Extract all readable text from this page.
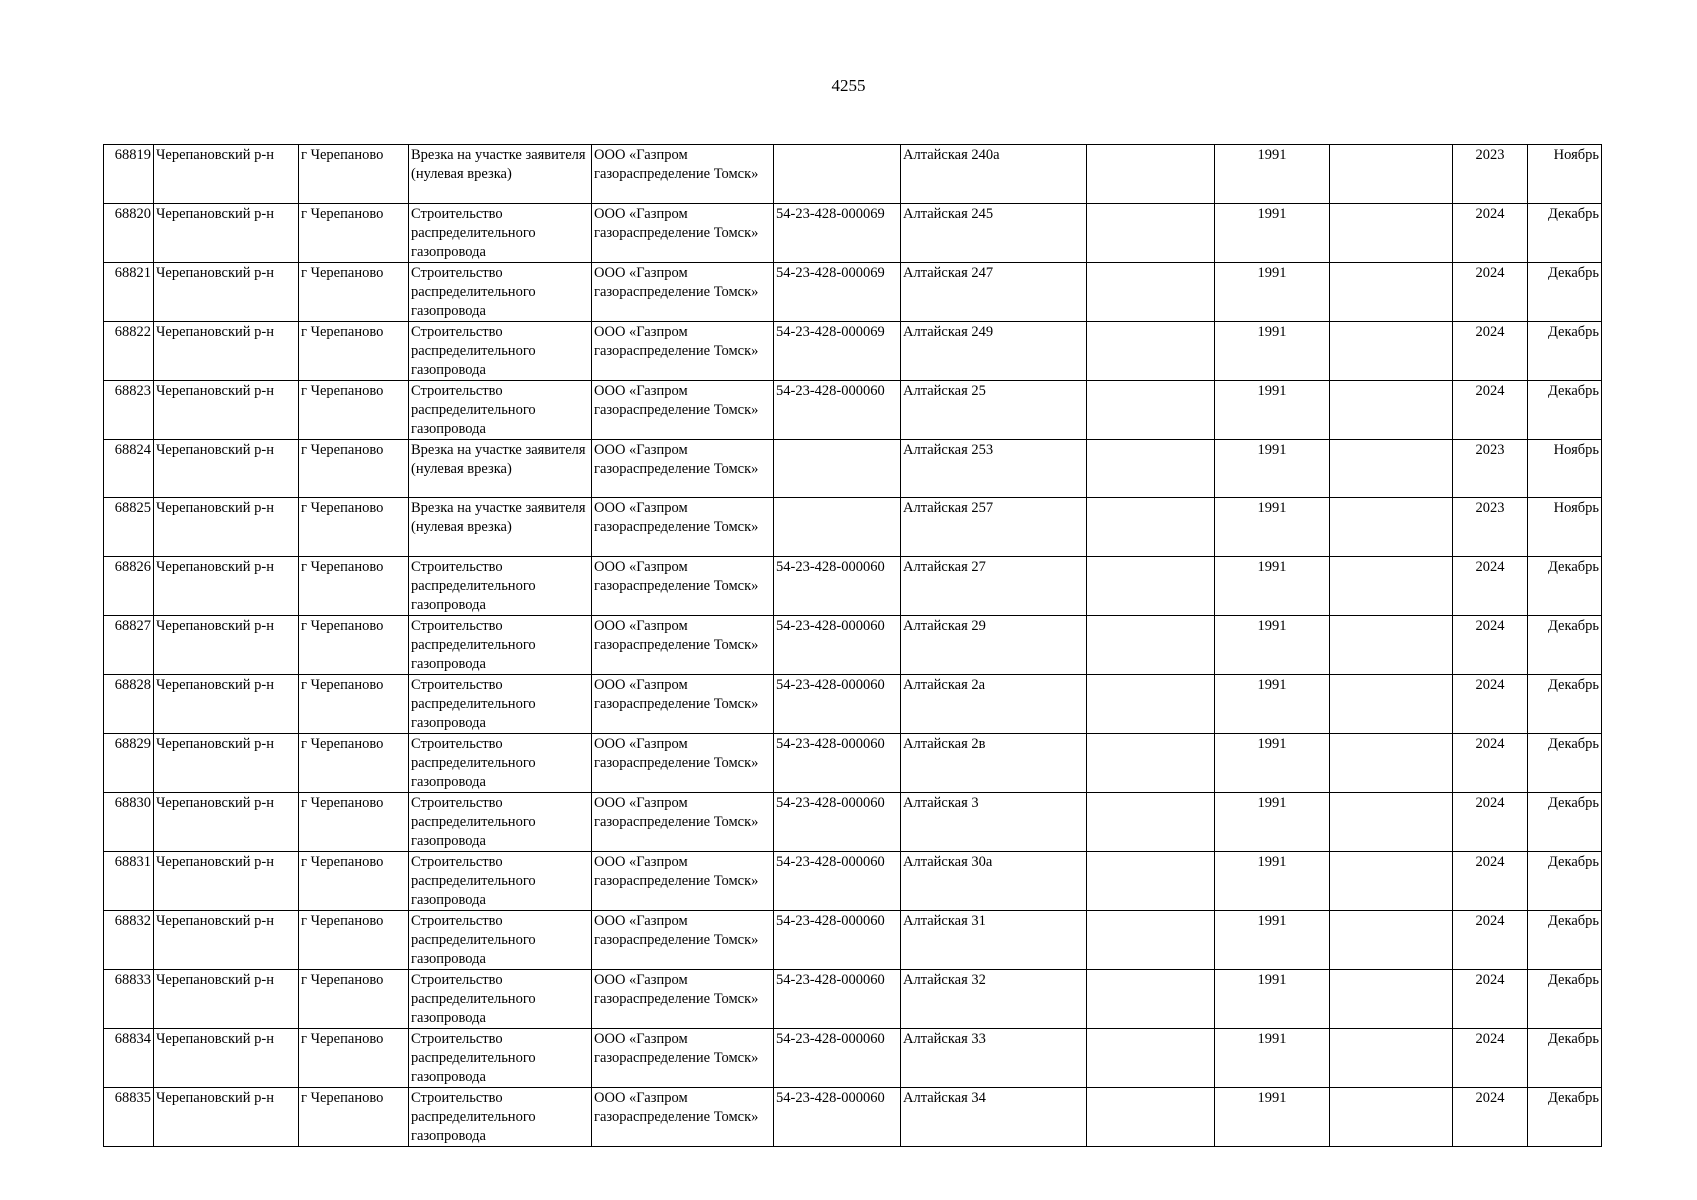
4255
68819	Черепановский р-н	г Черепаново	Врезка на участке заявителя (нулевая врезка)	ООО «Газпром газораспределение Томск»		Алтайская 240а		1991		2023	Ноябрь
68820	Черепановский р-н	г Черепаново	Строительство распределительного газопровода	ООО «Газпром газораспределение Томск»	54-23-428-000069	Алтайская 245		1991		2024	Декабрь
68821	Черепановский р-н	г Черепаново	Строительство распределительного газопровода	ООО «Газпром газораспределение Томск»	54-23-428-000069	Алтайская 247		1991		2024	Декабрь
68822	Черепановский р-н	г Черепаново	Строительство распределительного газопровода	ООО «Газпром газораспределение Томск»	54-23-428-000069	Алтайская 249		1991		2024	Декабрь
68823	Черепановский р-н	г Черепаново	Строительство распределительного газопровода	ООО «Газпром газораспределение Томск»	54-23-428-000060	Алтайская 25		1991		2024	Декабрь
68824	Черепановский р-н	г Черепаново	Врезка на участке заявителя (нулевая врезка)	ООО «Газпром газораспределение Томск»		Алтайская 253		1991		2023	Ноябрь
68825	Черепановский р-н	г Черепаново	Врезка на участке заявителя (нулевая врезка)	ООО «Газпром газораспределение Томск»		Алтайская 257		1991		2023	Ноябрь
68826	Черепановский р-н	г Черепаново	Строительство распределительного газопровода	ООО «Газпром газораспределение Томск»	54-23-428-000060	Алтайская 27		1991		2024	Декабрь
68827	Черепановский р-н	г Черепаново	Строительство распределительного газопровода	ООО «Газпром газораспределение Томск»	54-23-428-000060	Алтайская 29		1991		2024	Декабрь
68828	Черепановский р-н	г Черепаново	Строительство распределительного газопровода	ООО «Газпром газораспределение Томск»	54-23-428-000060	Алтайская 2а		1991		2024	Декабрь
68829	Черепановский р-н	г Черепаново	Строительство распределительного газопровода	ООО «Газпром газораспределение Томск»	54-23-428-000060	Алтайская 2в		1991		2024	Декабрь
68830	Черепановский р-н	г Черепаново	Строительство распределительного газопровода	ООО «Газпром газораспределение Томск»	54-23-428-000060	Алтайская 3		1991		2024	Декабрь
68831	Черепановский р-н	г Черепаново	Строительство распределительного газопровода	ООО «Газпром газораспределение Томск»	54-23-428-000060	Алтайская 30а		1991		2024	Декабрь
68832	Черепановский р-н	г Черепаново	Строительство распределительного газопровода	ООО «Газпром газораспределение Томск»	54-23-428-000060	Алтайская 31		1991		2024	Декабрь
68833	Черепановский р-н	г Черепаново	Строительство распределительного газопровода	ООО «Газпром газораспределение Томск»	54-23-428-000060	Алтайская 32		1991		2024	Декабрь
68834	Черепановский р-н	г Черепаново	Строительство распределительного газопровода	ООО «Газпром газораспределение Томск»	54-23-428-000060	Алтайская 33		1991		2024	Декабрь
68835	Черепановский р-н	г Черепаново	Строительство распределительного газопровода	ООО «Газпром газораспределение Томск»	54-23-428-000060	Алтайская 34		1991		2024	Декабрь
